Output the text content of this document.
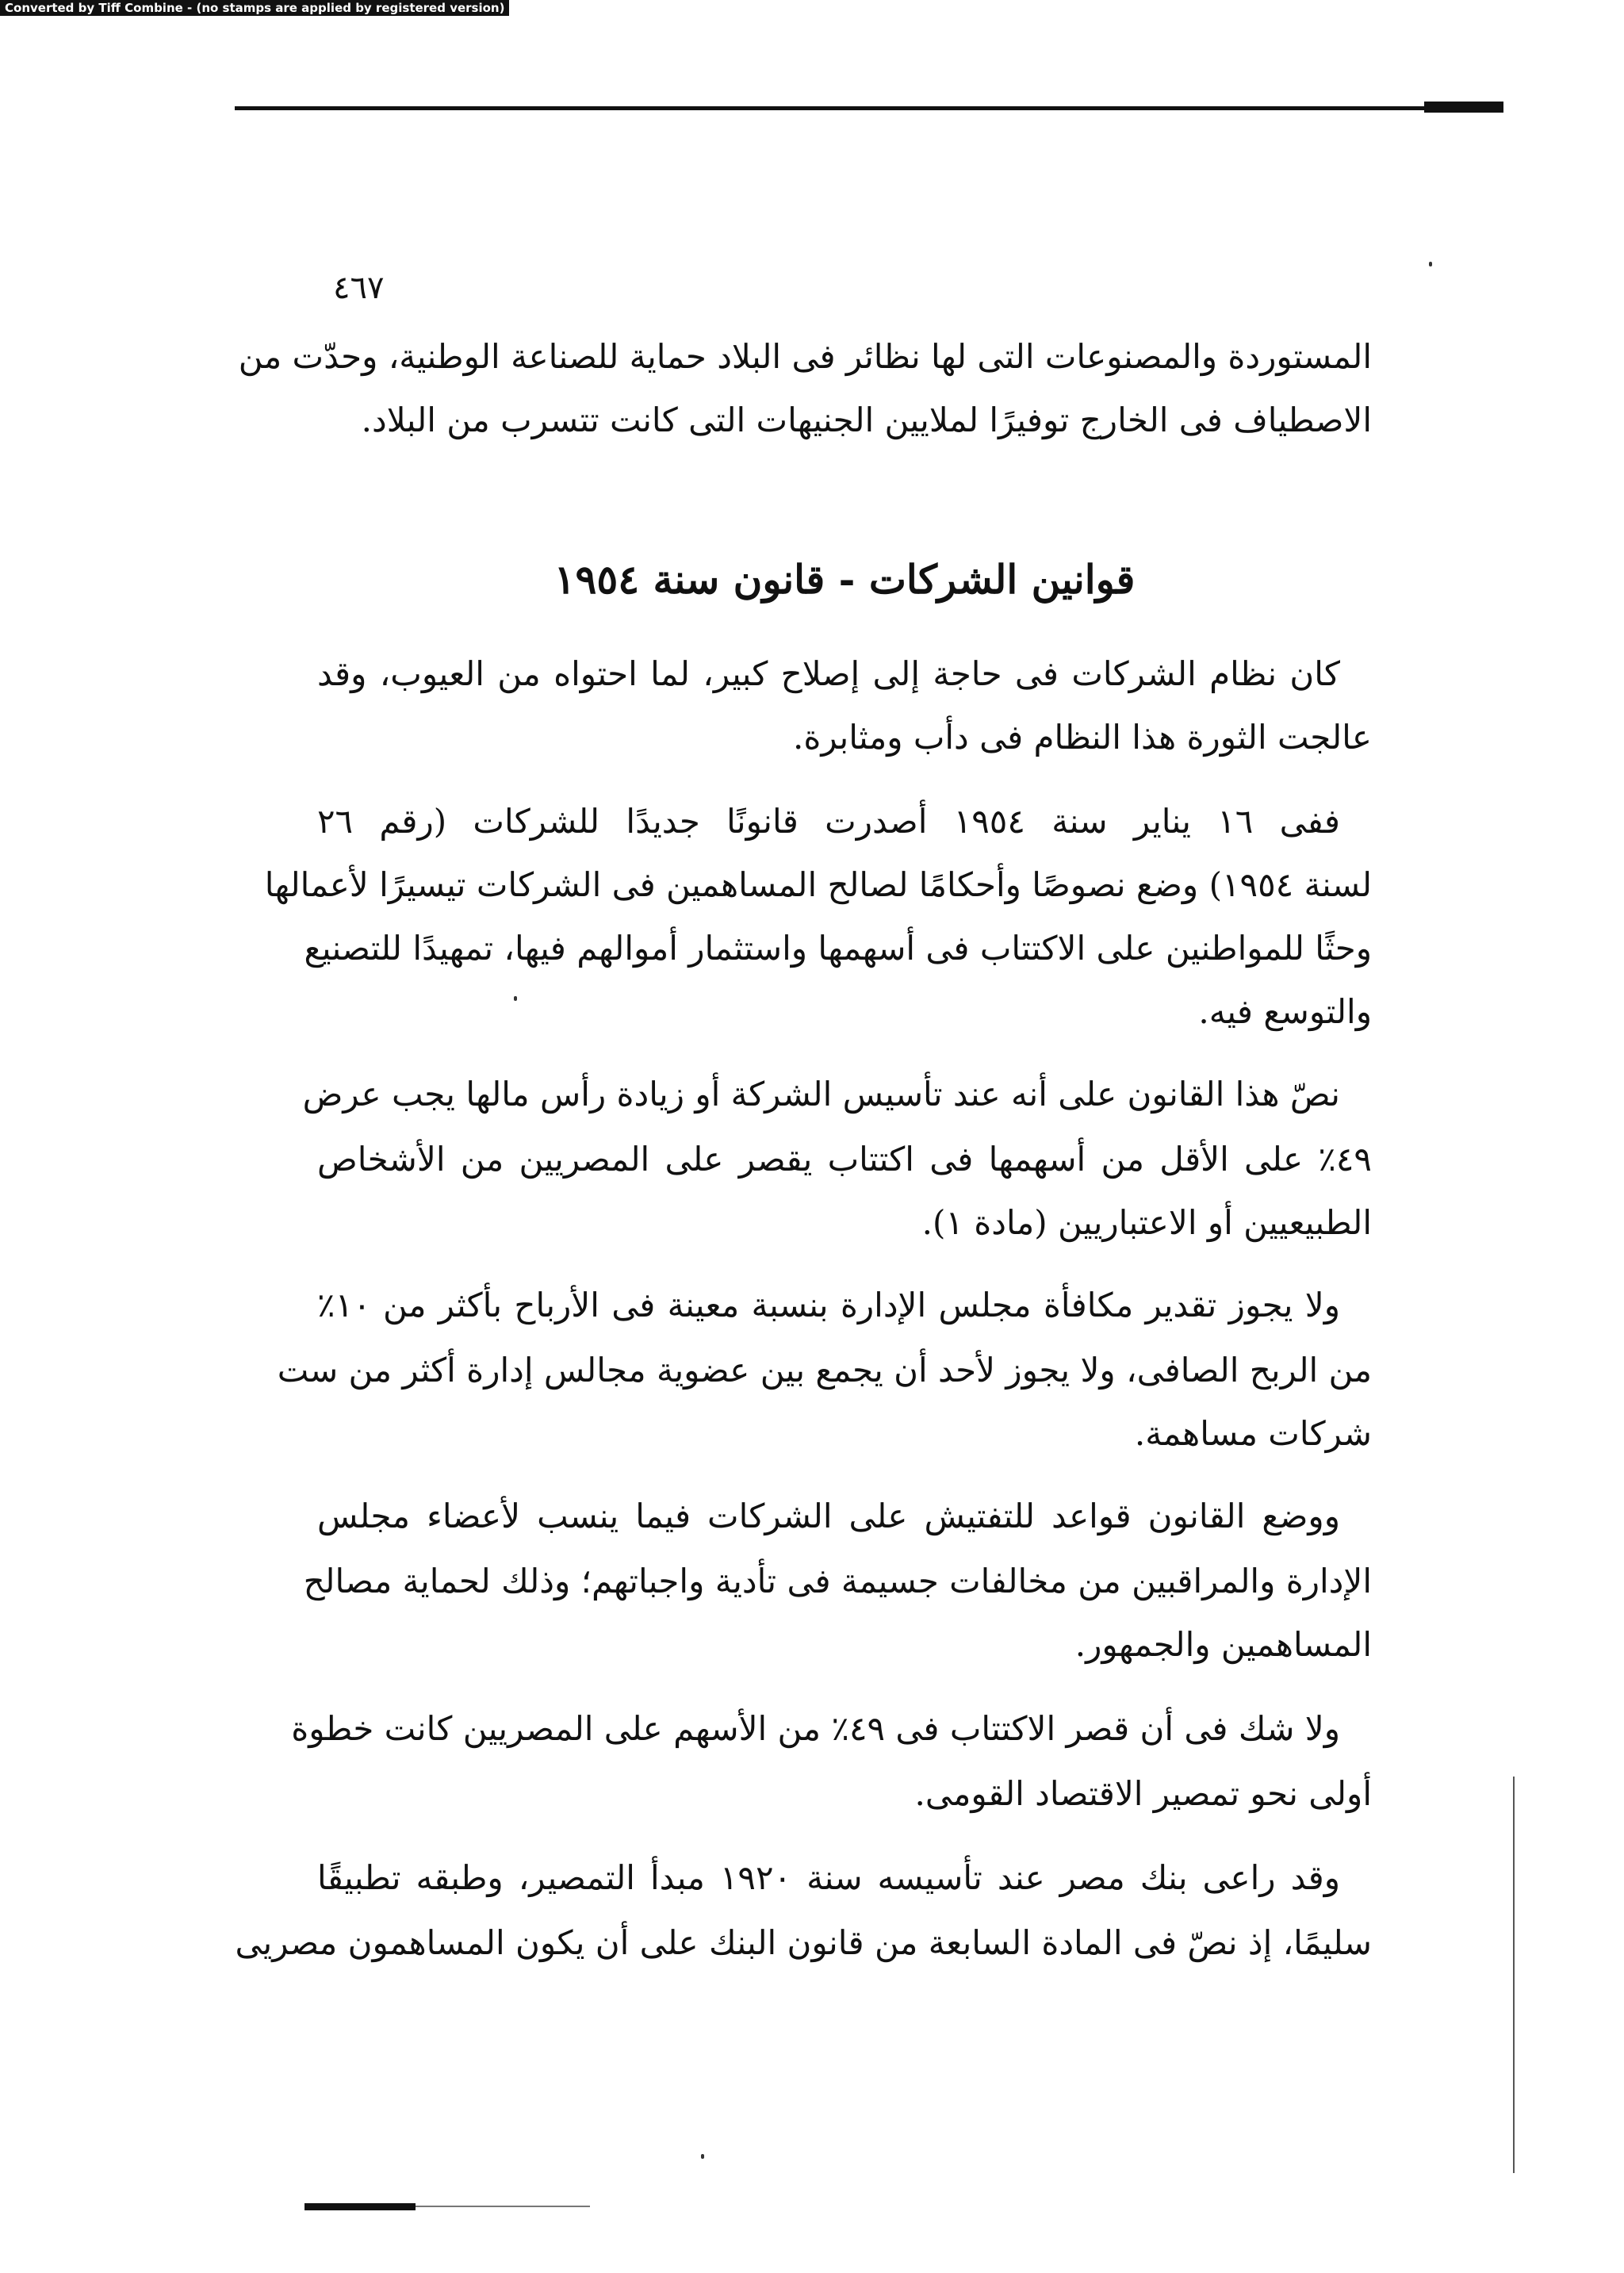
Converted by Tiff Combine - (no stamps are applied by registered version)
٤٦٧
المستوردة والمصنوعات التى لها نظائر فى البلاد حماية للصناعة الوطنية، وحدّت من
الاصطياف فى الخارج توفيرًا لملايين الجنيهات التى كانت تتسرب من البلاد.
قوانين الشركات - قانون سنة ١٩٥٤
كان نظام الشركات فى حاجة إلى إصلاح كبير، لما احتواه من العيوب، وقد
عالجت الثورة هذا النظام فى دأب ومثابرة.
ففى ١٦ يناير سنة ١٩٥٤ أصدرت قانونًا جديدًا للشركات (رقم ٢٦
لسنة ١٩٥٤) وضع نصوصًا وأحكامًا لصالح المساهمين فى الشركات تيسيرًا لأعمالها
وحثًا للمواطنين على الاكتتاب فى أسهمها واستثمار أموالهم فيها، تمهيدًا للتصنيع
والتوسع فيه.
نصّ هذا القانون على أنه عند تأسيس الشركة أو زيادة رأس مالها يجب عرض
٤٩٪ على الأقل من أسهمها فى اكتتاب يقصر على المصريين من الأشخاص
الطبيعيين أو الاعتباريين (مادة ١).
ولا يجوز تقدير مكافأة مجلس الإدارة بنسبة معينة فى الأرباح بأكثر من ١٠٪
من الربح الصافى، ولا يجوز لأحد أن يجمع بين عضوية مجالس إدارة أكثر من ست
شركات مساهمة.
ووضع القانون قواعد للتفتيش على الشركات فيما ينسب لأعضاء مجلس
الإدارة والمراقبين من مخالفات جسيمة فى تأدية واجباتهم؛ وذلك لحماية مصالح
المساهمين والجمهور.
ولا شك فى أن قصر الاكتتاب فى ٤٩٪ من الأسهم على المصريين كانت خطوة
أولى نحو تمصير الاقتصاد القومى.
وقد راعى بنك مصر عند تأسيسه سنة ١٩٢٠ مبدأ التمصير، وطبقه تطبيقًا
سليمًا، إذ نصّ فى المادة السابعة من قانون البنك على أن يكون المساهمون مصريى
